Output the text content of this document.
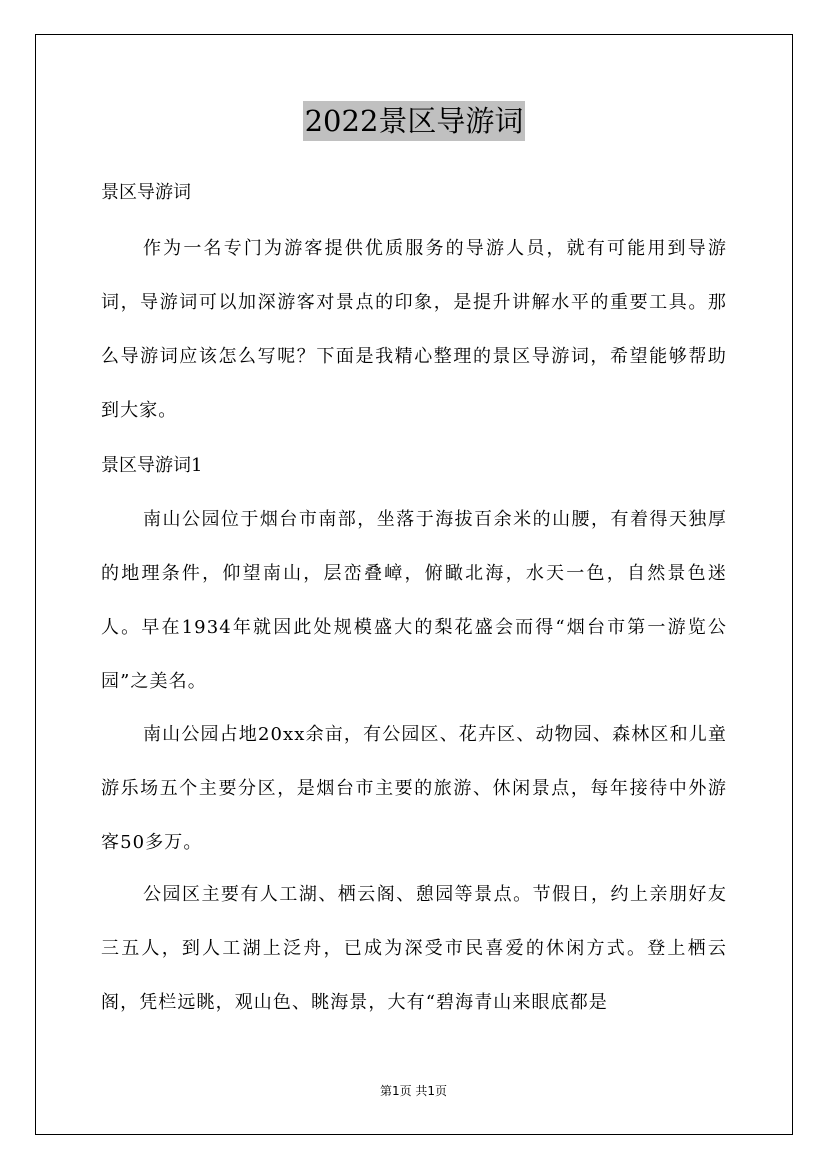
2022景区导游词
景区导游词

作为一名专门为游客提供优质服务的导游人员，就有可能用到导游词，导游词可以加深游客对景点的印象，是提升讲解水平的重要工具。那么导游词应该怎么写呢？下面是我精心整理的景区导游词，希望能够帮助到大家。

景区导游词1

南山公园位于烟台市南部，坐落于海拔百余米的山腰，有着得天独厚的地理条件，仰望南山，层峦叠嶂，俯瞰北海，水天一色，自然景色迷人。早在1934年就因此处规模盛大的梨花盛会而得“烟台市第一游览公园”之美名。

南山公园占地20xx余亩，有公园区、花卉区、动物园、森林区和儿童游乐场五个主要分区，是烟台市主要的旅游、休闲景点，每年接待中外游客50多万。

公园区主要有人工湖、栖云阁、憩园等景点。节假日，约上亲朋好友三五人，到人工湖上泛舟，已成为深受市民喜爱的休闲方式。登上栖云阁，凭栏远眺，观山色、眺海景，大有“碧海青山来眼底都是

第1页 共1页
